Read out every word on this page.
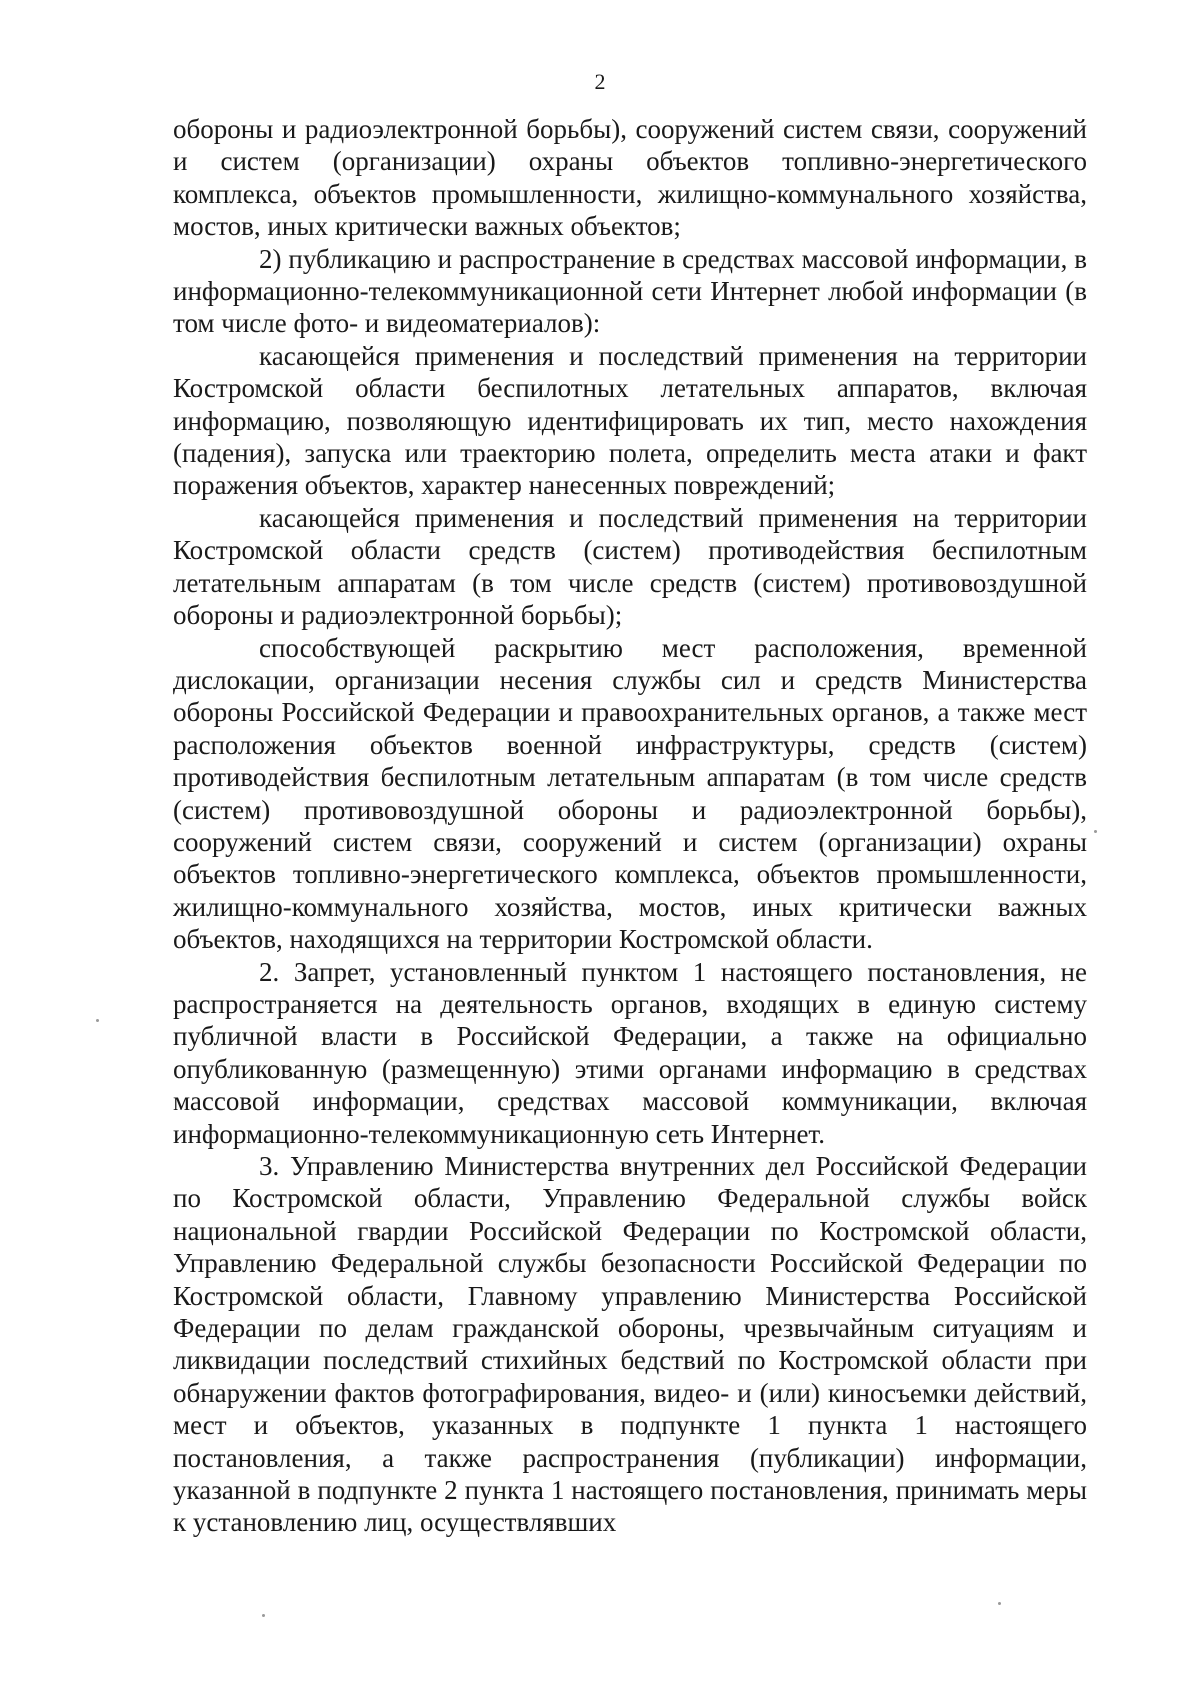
2

обороны и радиоэлектронной борьбы), сооружений систем связи, сооружений и систем (организации) охраны объектов топливно-энергетического комплекса, объектов промышленности, жилищно-коммунального хозяйства, мостов, иных критически важных объектов;

2) публикацию и распространение в средствах массовой информации, в информационно-телекоммуникационной сети Интернет любой информации (в том числе фото- и видеоматериалов):

касающейся применения и последствий применения на территории Костромской области беспилотных летательных аппаратов, включая информацию, позволяющую идентифицировать их тип, место нахождения (падения), запуска или траекторию полета, определить места атаки и факт поражения объектов, характер нанесенных повреждений;

касающейся применения и последствий применения на территории Костромской области средств (систем) противодействия беспилотным летательным аппаратам (в том числе средств (систем) противовоздушной обороны и радиоэлектронной борьбы);

способствующей раскрытию мест расположения, временной дислокации, организации несения службы сил и средств Министерства обороны Российской Федерации и правоохранительных органов, а также мест расположения объектов военной инфраструктуры, средств (систем) противодействия беспилотным летательным аппаратам (в том числе средств (систем) противовоздушной обороны и радиоэлектронной борьбы), сооружений систем связи, сооружений и систем (организации) охраны объектов топливно-энергетического комплекса, объектов промышленности, жилищно-коммунального хозяйства, мостов, иных критически важных объектов, находящихся на территории Костромской области.

2. Запрет, установленный пунктом 1 настоящего постановления, не распространяется на деятельность органов, входящих в единую систему публичной власти в Российской Федерации, а также на официально опубликованную (размещенную) этими органами информацию в средствах массовой информации, средствах массовой коммуникации, включая информационно-телекоммуникационную сеть Интернет.

3. Управлению Министерства внутренних дел Российской Федерации по Костромской области, Управлению Федеральной службы войск национальной гвардии Российской Федерации по Костромской области, Управлению Федеральной службы безопасности Российской Федерации по Костромской области, Главному управлению Министерства Российской Федерации по делам гражданской обороны, чрезвычайным ситуациям и ликвидации последствий стихийных бедствий по Костромской области при обнаружении фактов фотографирования, видео- и (или) киносъемки действий, мест и объектов, указанных в подпункте 1 пункта 1 настоящего постановления, а также распространения (публикации) информации, указанной в подпункте 2 пункта 1 настоящего постановления, принимать меры к установлению лиц, осуществлявших
